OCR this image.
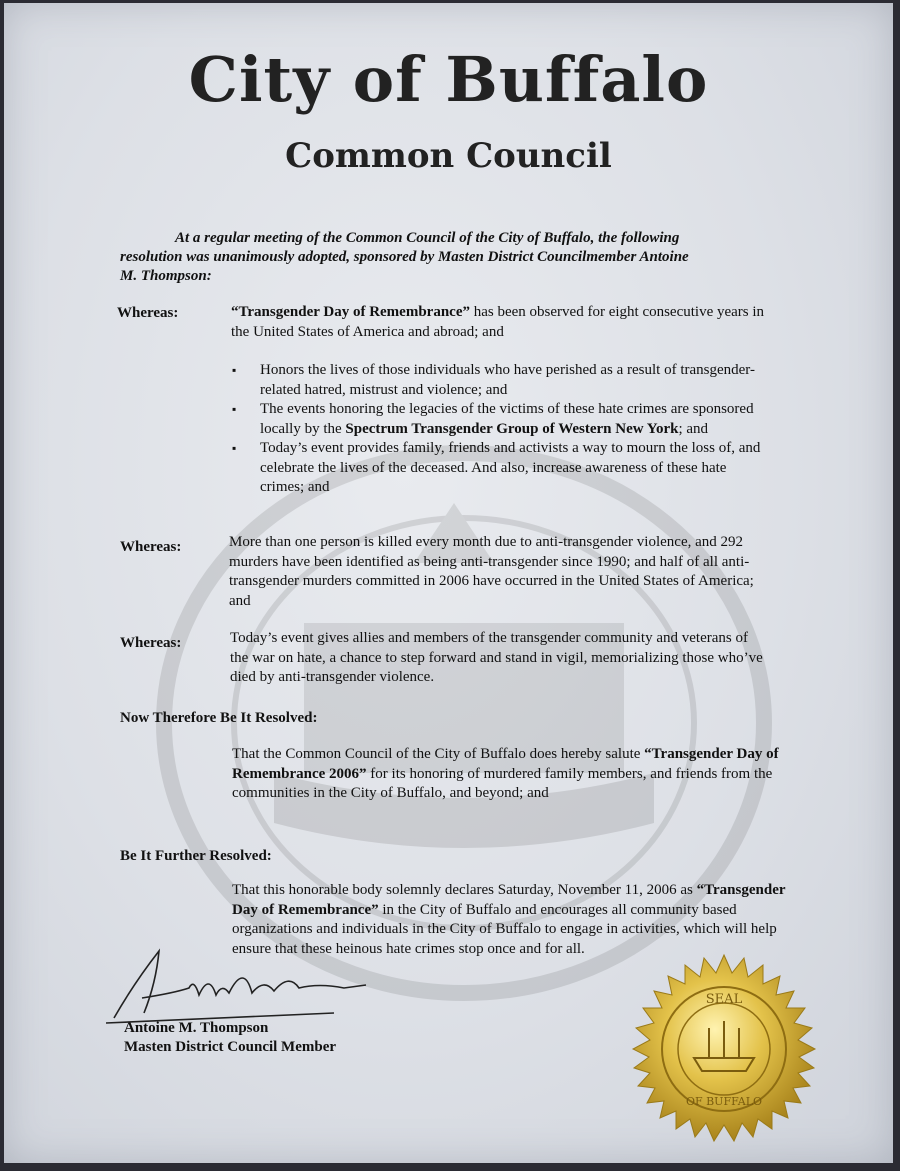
City of Buffalo
Common Council
At a regular meeting of the Common Council of the City of Buffalo, the following
resolution was unanimously adopted, sponsored by Masten District Councilmember Antoine
M. Thompson:
Whereas:	“Transgender Day of Remembrance” has been observed for eight consecutive years in the United States of America and abroad; and
▪ Honors the lives of those individuals who have perished as a result of transgender-related hatred, mistrust and violence; and
▪ The events honoring the legacies of the victims of these hate crimes are sponsored locally by the Spectrum Transgender Group of Western New York; and
▪ Today’s event provides family, friends and activists a way to mourn the loss of, and celebrate the lives of the deceased. And also, increase awareness of these hate crimes; and
Whereas:	More than one person is killed every month due to anti-transgender violence, and 292 murders have been identified as being anti-transgender since 1990; and half of all anti-transgender murders committed in 2006 have occurred in the United States of America; and
Whereas:	Today’s event gives allies and members of the transgender community and veterans of the war on hate, a chance to step forward and stand in vigil, memorializing those who’ve died by anti-transgender violence.
Now Therefore Be It Resolved:
That the Common Council of the City of Buffalo does hereby salute “Transgender Day of Remembrance 2006” for its honoring of murdered family members, and friends from the communities in the City of Buffalo, and beyond; and
Be It Further Resolved:
That this honorable body solemnly declares Saturday, November 11, 2006 as “Transgender Day of Remembrance” in the City of Buffalo and encourages all community based organizations and individuals in the City of Buffalo to engage in activities, which will help ensure that these heinous hate crimes stop once and for all.
Antoine M. Thompson
Masten District Council Member
SEAL
OF BUFFALO
